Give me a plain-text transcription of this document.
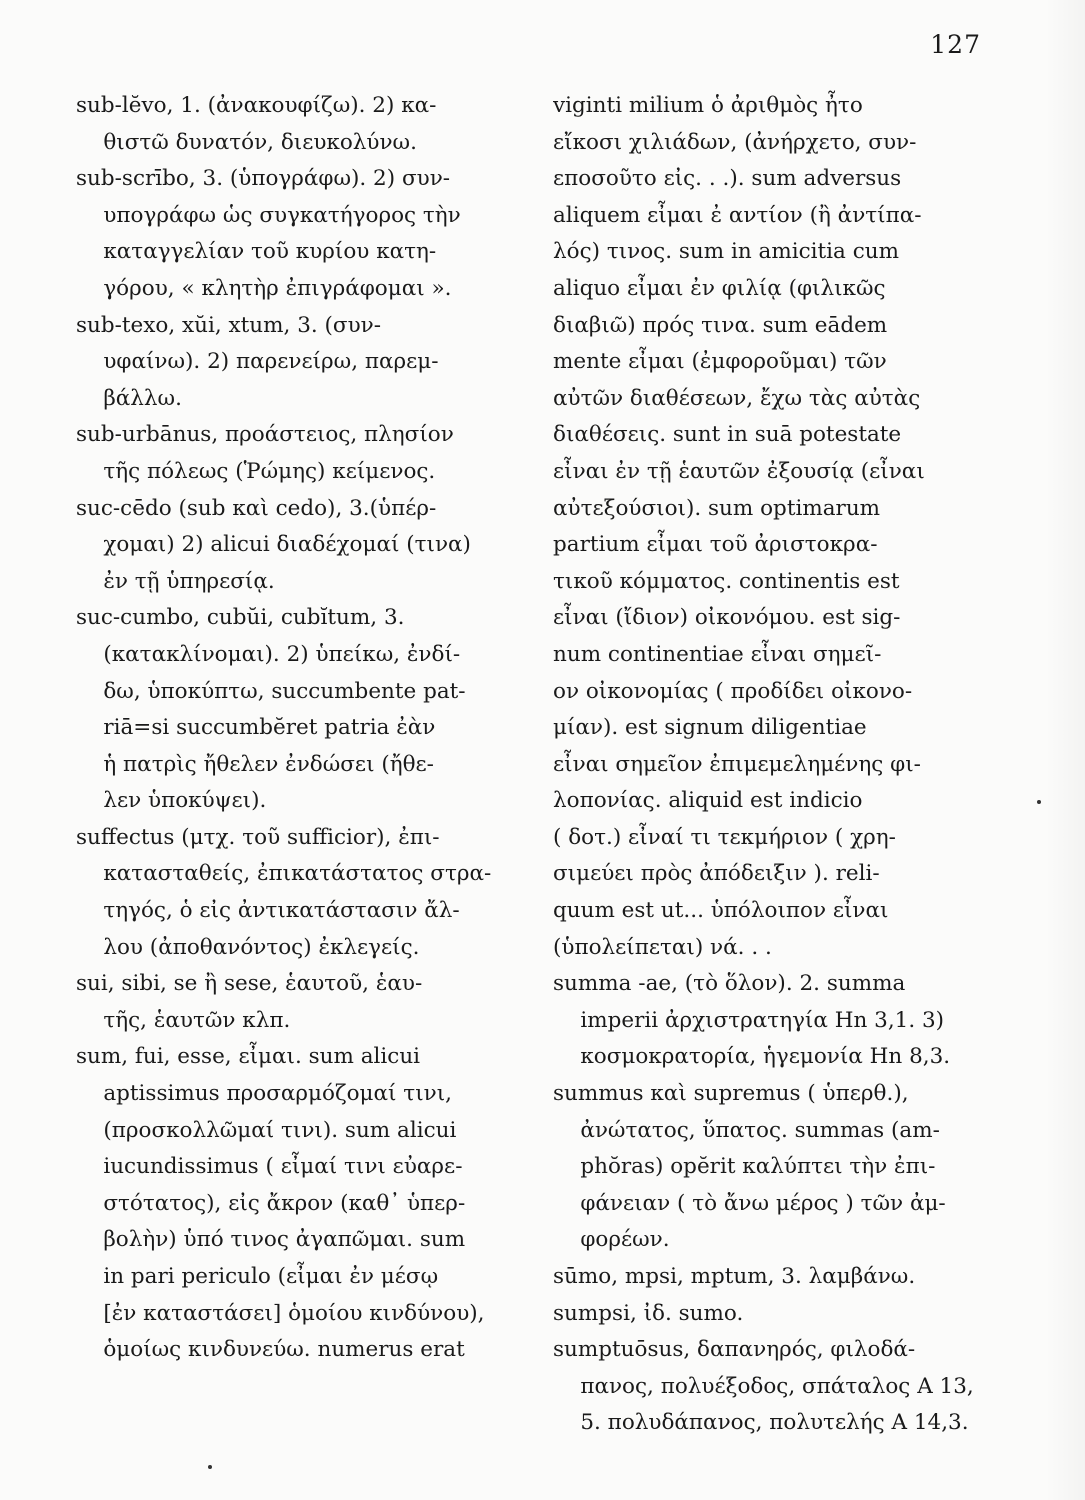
127
sub-lĕvo, 1. (ἀνακουφίζω). 2) κα-
θιστῶ δυνατόν, διευκολύνω.
sub-scrībo, 3. (ὑπογράφω). 2) συν-
υπογράφω ὡς συγκατήγορος τὴν
καταγγελίαν τοῦ κυρίου κατη-
γόρου, « κλητὴρ ἐπιγράφομαι ».
sub-texo, xŭi, xtum, 3. (συν-
υφαίνω). 2) παρενείρω, παρεμ-
βάλλω.
sub-urbānus, προάστειος, πλησίον
τῆς πόλεως (Ῥώμης) κείμενος.
suc-cēdo (sub καὶ cedo), 3.(ὑπέρ-
χομαι) 2) alicui διαδέχομαί (τινα)
ἐν τῇ ὑπηρεσίᾳ.
suc-cumbo, cubŭi, cubĭtum, 3.
(κατακλίνομαι). 2) ὑπείκω, ἐνδί-
δω, ὑποκύπτω, succumbente pat-
riā=si succumbĕret patria ἐὰν
ἡ πατρὶς ἤθελεν ἐνδώσει (ἤθε-
λεν ὑποκύψει).
suffectus (μτχ. τοῦ sufficior), ἐπι-
κατασταθείς, ἐπικατάστατος στρα-
τηγός, ὁ εἰς ἀντικατάστασιν ἄλ-
λου (ἀποθανόντος) ἐκλεγείς.
sui, sibi, se ἢ sese, ἑαυτοῦ, ἑαυ-
τῆς, ἑαυτῶν κλπ.
sum, fui, esse, εἶμαι. sum alicui
aptissimus προσαρμόζομαί τινι,
(προσκολλῶμαί τινι). sum alicui
iucundissimus ( εἶμαί τινι εὐαρε-
στότατος), εἰς ἄκρον (καθ᾽ ὑπερ-
βολὴν) ὑπό τινος ἀγαπῶμαι. sum
in pari periculo (εἶμαι ἐν μέσῳ
[ἐν καταστάσει] ὁμοίου κινδύνου),
ὁμοίως κινδυνεύω. numerus erat
viginti milium ὁ ἀριθμὸς ἦτο
εἴκοσι χιλιάδων, (ἀνήρχετο, συν-
εποσοῦτο εἰς. . .). sum adversus
aliquem εἶμαι ἐ αντίον (ἢ ἀντίπα-
λός) τινος. sum in amicitia cum
aliquo εἶμαι ἐν φιλίᾳ (φιλικῶς
διαβιῶ) πρός τινα. sum eādem
mente εἶμαι (ἐμφοροῦμαι) τῶν
αὐτῶν διαθέσεων, ἔχω τὰς αὐτὰς
διαθέσεις. sunt in suā potestate
εἶναι ἐν τῇ ἑαυτῶν ἐξουσίᾳ (εἶναι
αὐτεξούσιοι). sum optimarum
partium εἶμαι τοῦ ἀριστοκρα-
τικοῦ κόμματος. continentis est
εἶναι (ἴδιον) οἰκονόμου. est sig-
num continentiae εἶναι σημεῖ-
ον οἰκονομίας ( προδίδει οἰκονο-
μίαν). est signum diligentiae
εἶναι σημεῖον ἐπιμεμελημένης φι-
λοπονίας. aliquid est indicio
( δοτ.) εἶναί τι τεκμήριον ( χρη-
σιμεύει πρὸς ἀπόδειξιν ). reli-
quum est ut... ὑπόλοιπον εἶναι
(ὑπολείπεται) νά. . .
summa -ae, (τὸ ὅλον). 2. summa
imperii ἀρχιστρατηγία Hn 3,1. 3)
κοσμοκρατορία, ἡγεμονία Hn 8,3.
summus καὶ supremus ( ὑπερθ.),
ἀνώτατος, ὕπατος. summas (am-
phŏras) opĕrit καλύπτει τὴν ἐπι-
φάνειαν ( τὸ ἄνω μέρος ) τῶν ἀμ-
φορέων.
sūmo, mpsi, mptum, 3. λαμβάνω.
sumpsi, ἰδ. sumo.
sumptuōsus, δαπανηρός, φιλοδά-
πανος, πολυέξοδος, σπάταλος A 13,
5. πολυδάπανος, πολυτελής A 14,3.
